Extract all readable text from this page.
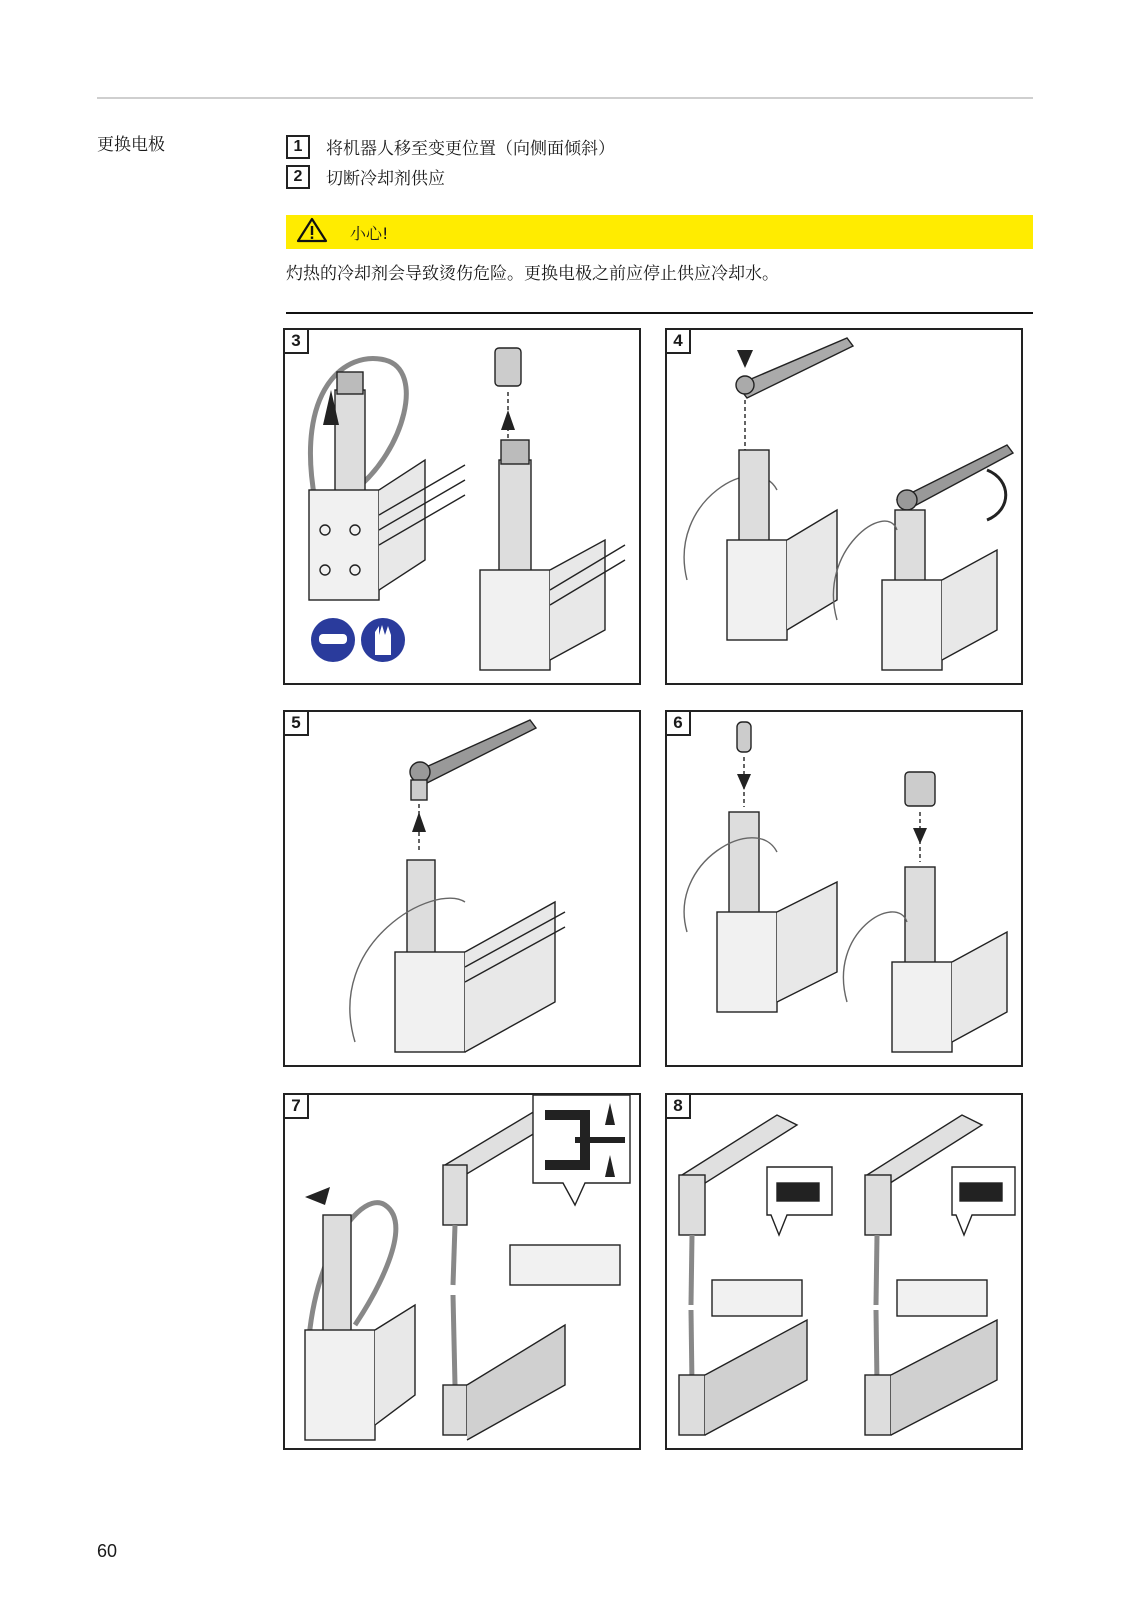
更换电极	1	将机器人移至变更位置（向侧面倾斜）
2	切断冷却剂供应
小心!
灼热的冷却剂会导致烫伤危险。更换电极之前应停止供应冷却水。
3	4
5	6
7	8
60
